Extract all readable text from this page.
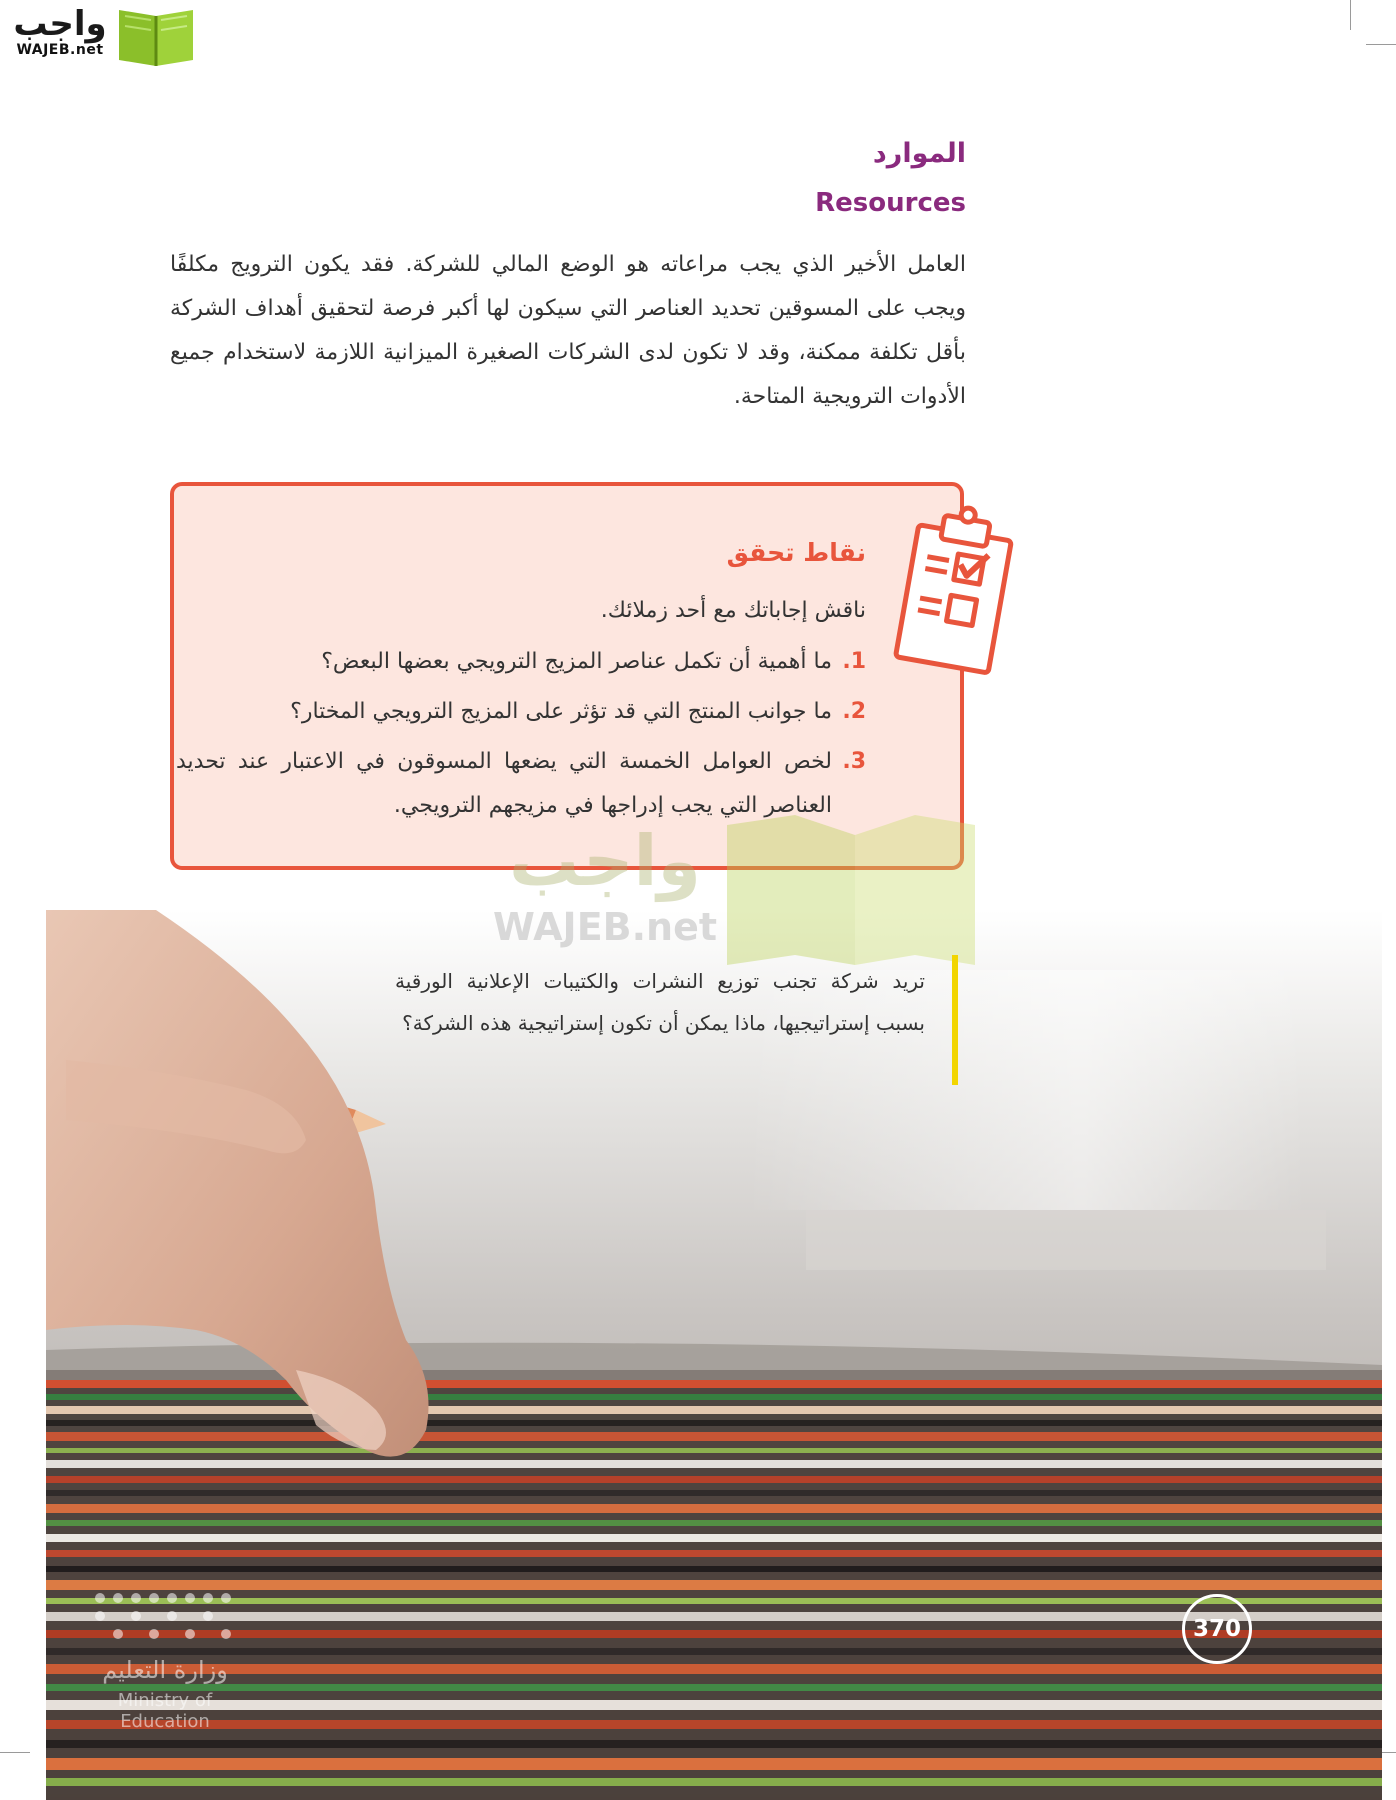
واجب
WAJEB.net
الموارد
Resources
العامل الأخير الذي يجب مراعاته هو الوضع المالي للشركة. فقد يكون الترويج مكلفًا ويجب على المسوقين تحديد العناصر التي سيكون لها أكبر فرصة لتحقيق أهداف الشركة بأقل تكلفة ممكنة، وقد لا تكون لدى الشركات الصغيرة الميزانية اللازمة لاستخدام جميع الأدوات الترويجية المتاحة.
نقاط تحقق
ناقش إجاباتك مع أحد زملائك.
1.
ما أهمية أن تكمل عناصر المزيج الترويجي بعضها البعض؟
2.
ما جوانب المنتج التي قد تؤثر على المزيج الترويجي المختار؟
3.
لخص العوامل الخمسة التي يضعها المسوقون في الاعتبار عند تحديد العناصر التي يجب إدراجها في مزيجهم الترويجي.
واجب
WAJEB.net
تريد شركة تجنب توزيع النشرات والكتيبات الإعلانية الورقية بسبب إستراتيجيها، ماذا يمكن أن تكون إستراتيجية هذه الشركة؟
وزارة التعليم
Ministry of Education
370
